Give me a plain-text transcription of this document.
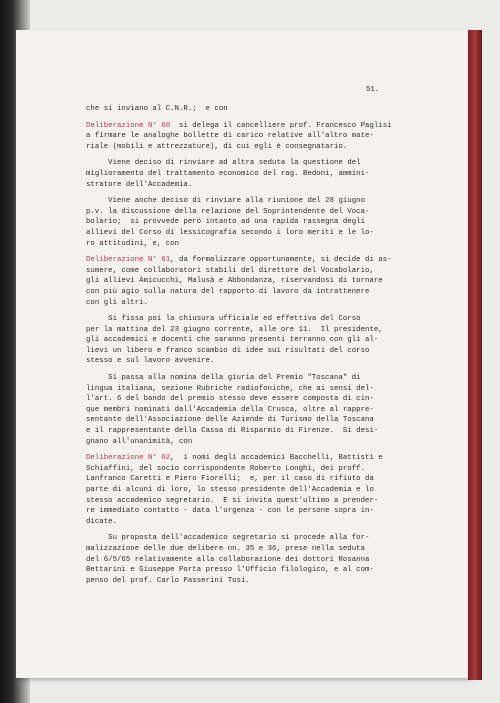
51.
che si inviano al C.N.R.;  e con
Deliberazione N° 60  si delega il cancelliere prof. Francesco Paglisi
a firmare le analoghe bollette di carico relative all'altro mate-
riale (mobili e attrezzature), di cui egli è consegnatario.
Viene deciso di rinviare ad altra seduta la questione del
miglioramento del trattamento economico del rag. Bedoni, ammini-
stratore dell'Accademia.
Viene anche deciso di rinviare alla riunione del 28 giugno
p.v. la discussione della relazione del Soprintendente del Voca-
bolario;  si provvede però intanto ad una rapida rassegna degli
allievi del Corso di lessicografia secondo i loro meriti e le lo-
ro attitudini, e, con
Deliberazione N° 61, da formalizzare opportunamente, si decide di as-
sumere, come collaboratori stabili del direttore del Vocabolario,
gli allievi Amicucchi, Malusà e Abbondanza, riservandosi di tornare
con più agio sulla natura del rapporto di lavoro da intrattenere
con gli altri.
Si fissa poi la chiusura ufficiale ed effettiva del Corso
per la mattina del 23 giugno corrente, alle ore 11.  Il presidente,
gli accademici e docenti che saranno presenti terranno con gli al-
lievi un libero e franco scambio di idee sui risultati del corso
stesso e sul lavoro avvenire.
Si passa alla nomina della giuria del Premio "Toscana" di
lingua italiana, sezione Rubriche radiofoniche, che ai sensi del-
l'art. 6 del bando del premio stesso deve essere composta di cin-
que membri nominati dall'Accademia della Crusca, oltre al rappre-
sentante dell'Associazione delle Aziende di Turismo della Toscana
e il rappresentante della Cassa di Risparmio di Firenze.  Si desi-
gnano all'unanimità, con
Deliberazione N° 62,  i nomi degli accademici Bacchelli, Battisti e
Schiaffini, del socio corrispondente Roberto Longhi, dei proff.
Lanfranco Caretti e Piero Fiorelli;  e, per il caso di rifiuto da
parte di alcuni di loro, lo stesso presidente dell'Accademia e lo
stesso accademico segretario.  E si invita quest'ultimo a prender-
re immediato contatto - data l'urgenza - con le persone sopra in-
dicate.
Su proposta dell'accademico segretario si procede alla for-
malizzazione delle due delibere nn. 35 e 36, prese nella seduta
del 6/5/65 relativamente alla collaborazione dei dottori Rosanna
Bettarini e Giuseppe Porta presso l'Ufficio filologico, e al com-
penso del prof. Carlo Passerini Tosi.
